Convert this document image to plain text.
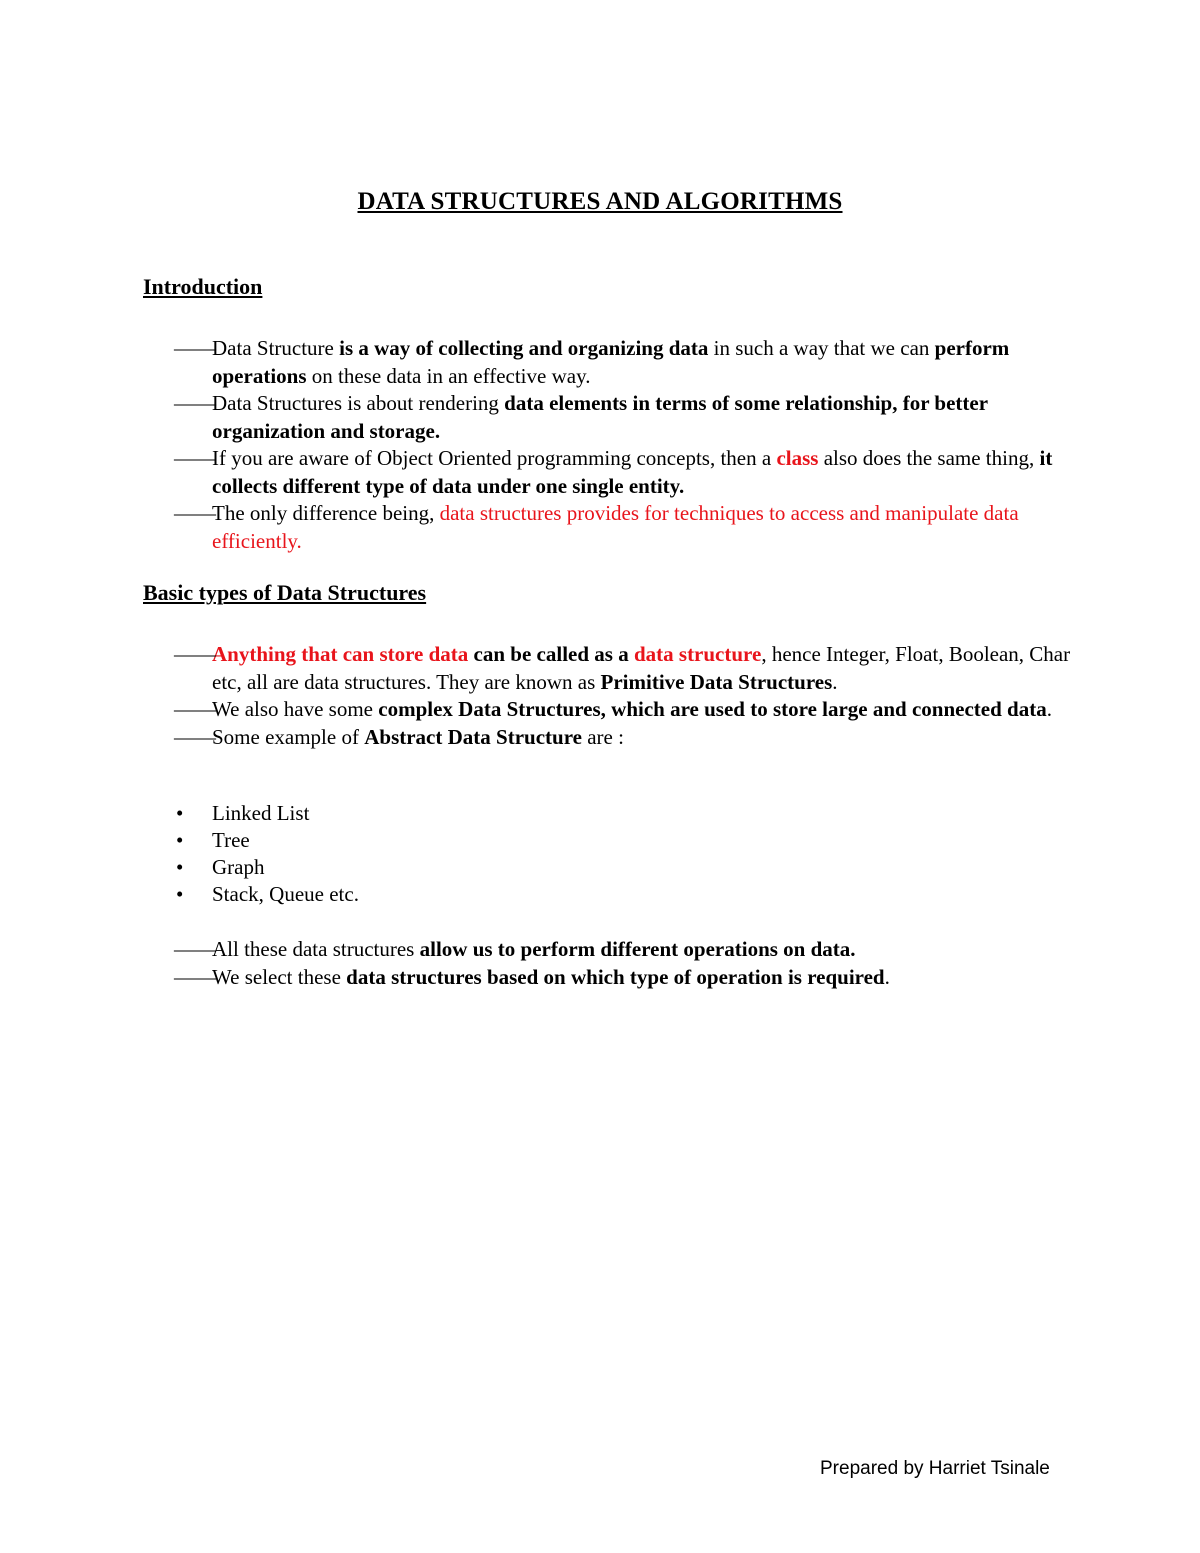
DATA STRUCTURES AND ALGORITHMS
Introduction
——
Data Structure is a way of collecting and organizing data in such a way that we can perform operations on these data in an effective way.
——
Data Structures is about rendering data elements in terms of some relationship, for better organization and storage.
——
If you are aware of Object Oriented programming concepts, then a class also does the same thing, it collects different type of data under one single entity.
——
The only difference being, data structures provides for techniques to access and manipulate data efficiently.
Basic types of Data Structures
——
Anything that can store data can be called as a data structure, hence Integer, Float, Boolean, Char etc, all are data structures. They are known as Primitive Data Structures.
——
We also have some complex Data Structures, which are used to store large and connected data.
——
Some example of Abstract Data Structure are :
• Linked List
• Tree
• Graph
• Stack, Queue etc.
——
All these data structures allow us to perform different operations on data.
——
We select these data structures based on which type of operation is required.
Prepared by Harriet Tsinale
